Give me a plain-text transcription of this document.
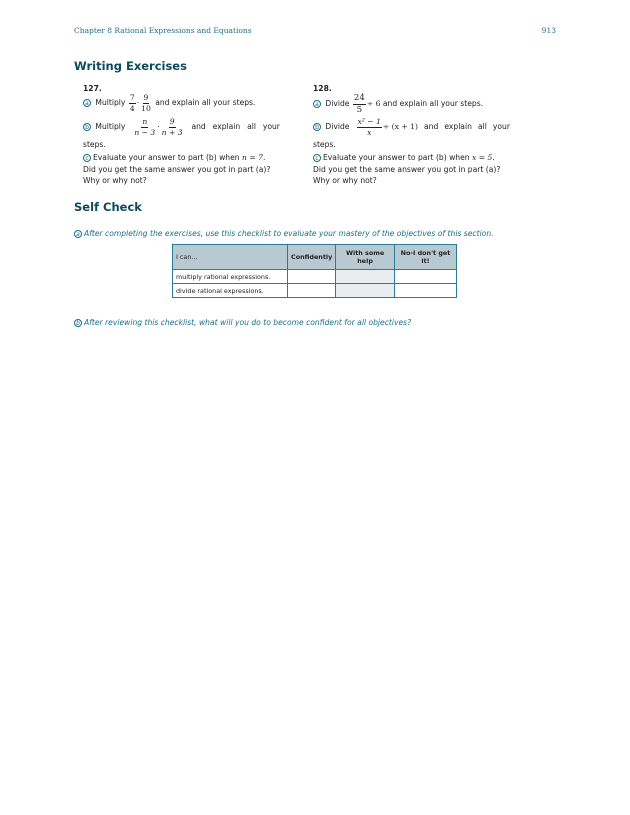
Chapter 8 Rational Expressions and Equations	913
Writing Exercises
127.
a Multiply $\frac{7}{4} \cdot \frac{9}{10}$ and explain all your steps.
b Multiply $\frac{n}{n - 3} \cdot \frac{9}{n + 3}$ and explain all your
steps.
c Evaluate your answer to part (b) when n = 7.
Did you get the same answer you got in part (a)?
Why or why not?
128.
a Divide $\frac{24}{5} \div 6$ and explain all your steps.
b Divide $\frac{\text{x² − 1}}{x} \div (x + 1)$ and explain all your
steps.
c Evaluate your answer to part (b) when x = 5.
Did you get the same answer you got in part (a)?
Why or why not?
Self Check
a After completing the exercises, use this checklist to evaluate your mastery of the objectives of this section.
I can...	Confidently	With some help	No-I don't get it!
multiply rational expressions.			
divide rational expressions.			
b After reviewing this checklist, what will you do to become confident for all objectives?
